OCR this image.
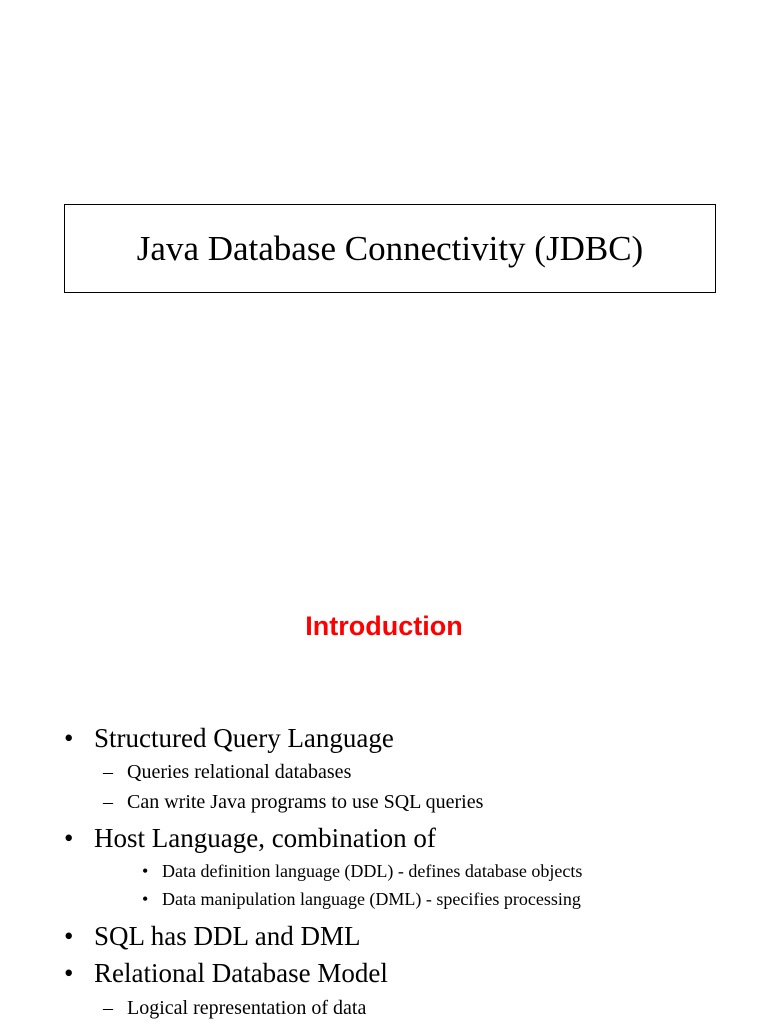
Java Database Connectivity (JDBC)
Introduction
• Structured Query Language
– Queries relational databases
– Can write Java programs to use SQL queries
• Host Language, combination of
• Data definition language (DDL) - defines database objects
• Data manipulation language (DML) - specifies processing
• SQL has DDL and DML
• Relational Database Model
– Logical representation of data
